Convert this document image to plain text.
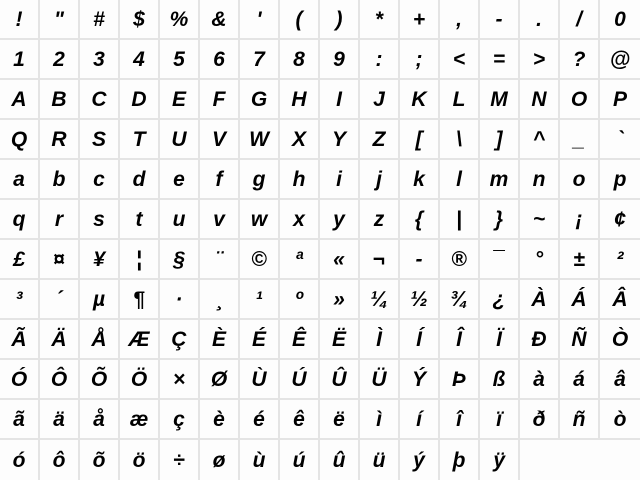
!	"	#	$	%	&	'	(	)	*	+	,	-	.	/	0
1	2	3	4	5	6	7	8	9	:	;	<	=	>	?	@
A	B	C	D	E	F	G	H	I	J	K	L	M	N	O	P
Q	R	S	T	U	V	W	X	Y	Z	[	\	]	^	_	`
a	b	c	d	e	f	g	h	i	j	k	l	m	n	o	p
q	r	s	t	u	v	w	x	y	z	{	|	}	~	¡	¢
£	¤	¥	¦	§	¨	©	ª	«	¬	-	®	¯	°	±	²
³	´	µ	¶	·	¸	¹	º	»	¼	½	¾	¿	À	Á	Â
Ã	Ä	Å	Æ	Ç	È	É	Ê	Ë	Ì	Í	Î	Ï	Ð	Ñ	Ò
Ó	Ô	Õ	Ö	×	Ø	Ù	Ú	Û	Ü	Ý	Þ	ß	à	á	â
ã	ä	å	æ	ç	è	é	ê	ë	ì	í	î	ï	ð	ñ	ò
ó	ô	õ	ö	÷	ø	ù	ú	û	ü	ý	þ	ÿ
